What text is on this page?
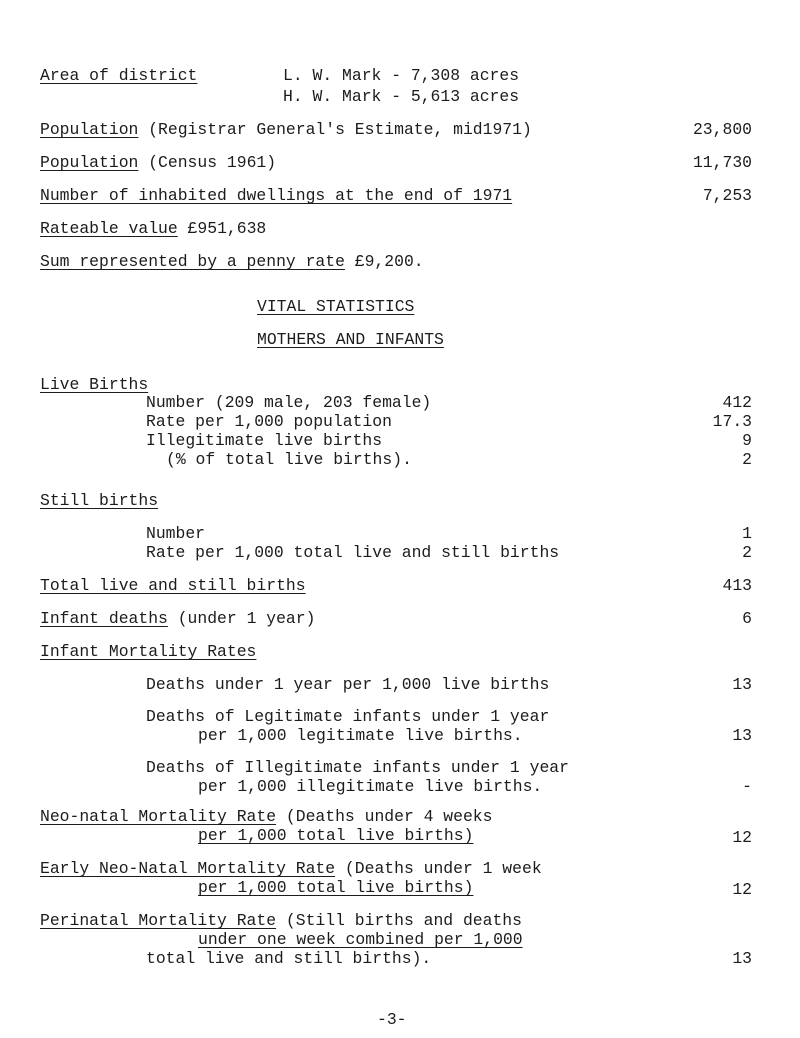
Area of district	L. W. Mark - 7,308 acres
H. W. Mark - 5,613 acres
Population (Registrar General's Estimate, mid1971)	23,800
Population (Census 1961)	11,730
Number of inhabited dwellings at the end of 1971	7,253
Rateable value £951,638
Sum represented by a penny rate £9,200.
VITAL STATISTICS
MOTHERS AND INFANTS
Live Births
Number (209 male, 203 female)	412
Rate per 1,000 population	17.3
Illegitimate live births	9
(% of total live births).	2
Still births
Number	1
Rate per 1,000 total live and still births	2
Total live and still births	413
Infant deaths (under 1 year)	6
Infant Mortality Rates
Deaths under 1 year per 1,000 live births	13
Deaths of Legitimate infants under 1 year
per 1,000 legitimate live births.	13
Deaths of Illegitimate infants under 1 year
per 1,000 illegitimate live births.	-
Neo-natal Mortality Rate (Deaths under 4 weeks
per 1,000 total live births)	12
Early Neo-Natal Mortality Rate (Deaths under 1 week
per 1,000 total live births)	12
Perinatal Mortality Rate (Still births and deaths
under one week combined per 1,000
total live and still births).	13
-3-
